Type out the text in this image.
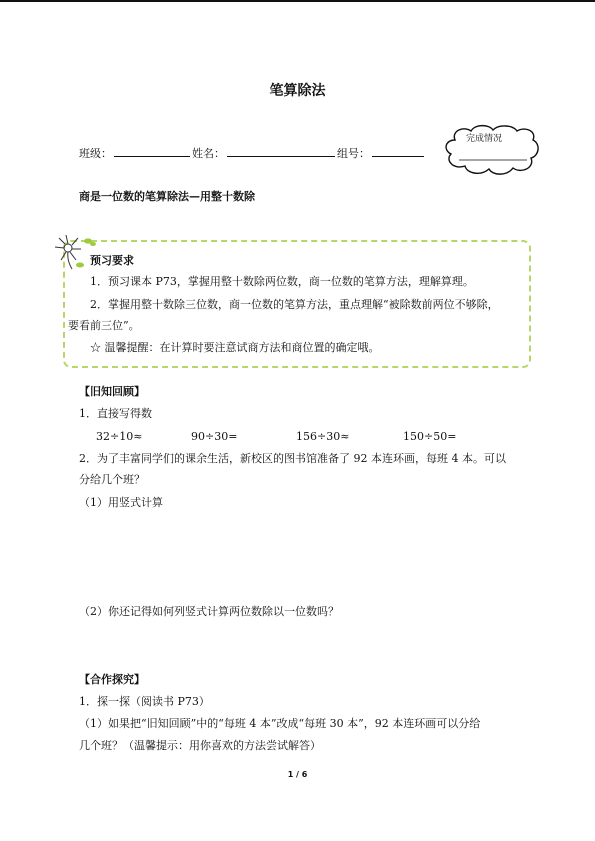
笔算除法
班级：	姓名：	组号：
完成情况
商是一位数的笔算除法—用整十数除
预习要求
1．预习课本 P73，掌握用整十数除两位数，商一位数的笔算方法，理解算理。
2．掌握用整十数除三位数，商一位数的笔算方法，重点理解“被除数前两位不够除，
要看前三位”。
☆ 温馨提醒：在计算时要注意试商方法和商位置的确定哦。
【旧知回顾】
1．直接写得数
32÷10≈	90÷30=	156÷30≈	150÷50=
2．为了丰富同学们的课余生活，新校区的图书馆准备了 92 本连环画，每班 4 本。可以
分给几个班？
（1）用竖式计算
（2）你还记得如何列竖式计算两位数除以一位数吗？
【合作探究】
1．探一探（阅读书 P73）
（1）如果把“旧知回顾”中的“每班 4 本”改成“每班 30 本”，92 本连环画可以分给
几个班？（温馨提示：用你喜欢的方法尝试解答）
1 / 6
